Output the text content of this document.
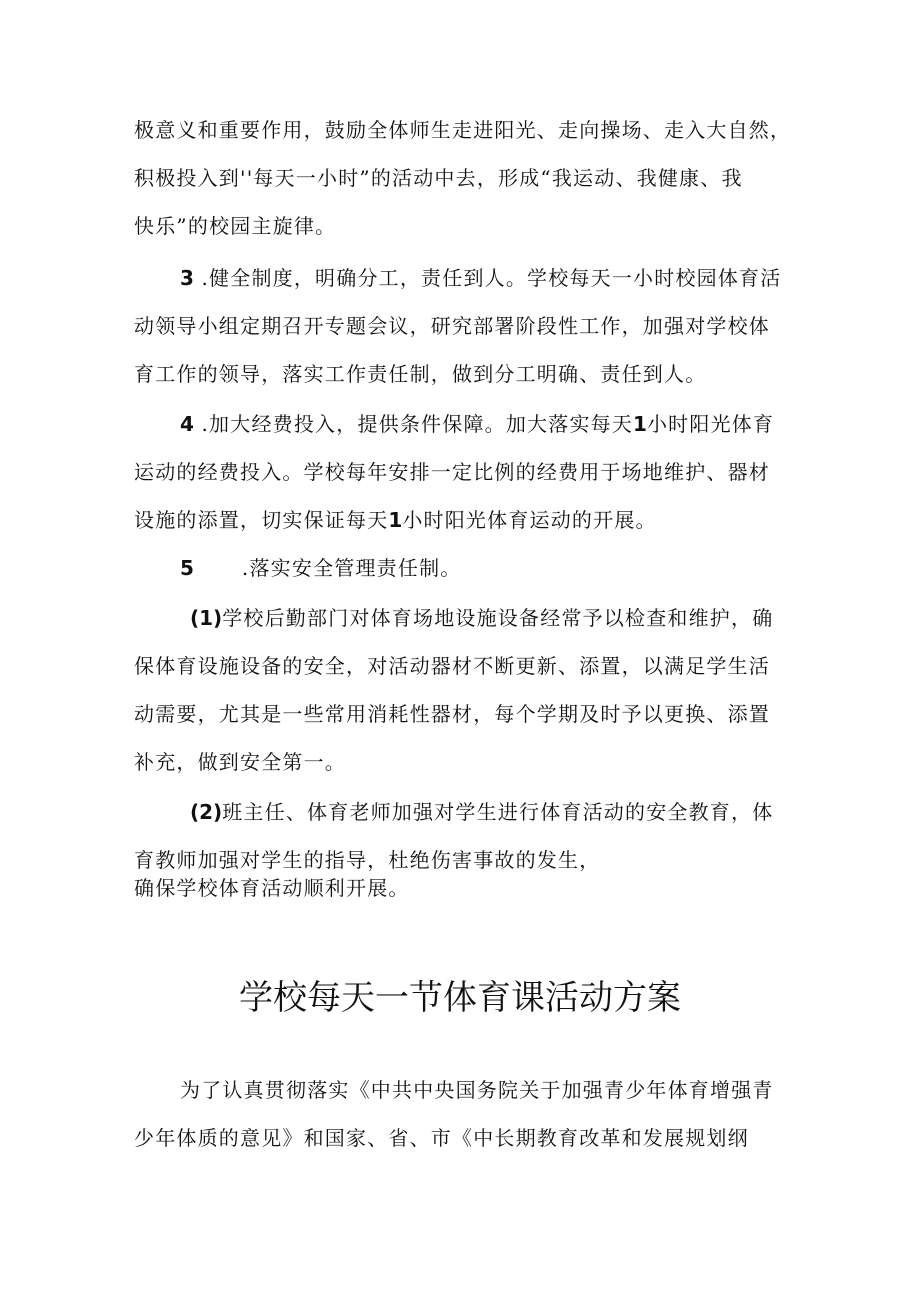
极意义和重要作用，鼓励全体师生走进阳光、走向操场、走入大自然，
积极投入到''每天一小时”的活动中去，形成“我运动、我健康、我
快乐”的校园主旋律。

3 .健全制度，明确分工，责任到人。学校每天一小时校园体育活
动领导小组定期召开专题会议，研究部署阶段性工作，加强对学校体
育工作的领导，落实工作责任制，做到分工明确、责任到人。

4 .加大经费投入，提供条件保障。加大落实每天1小时阳光体育
运动的经费投入。学校每年安排一定比例的经费用于场地维护、器材
设施的添置，切实保证每天1小时阳光体育运动的开展。

5 .落实安全管理责任制。

(1)学校后勤部门对体育场地设施设备经常予以检查和维护，确
保体育设施设备的安全，对活动器材不断更新、添置，以满足学生活
动需要，尤其是一些常用消耗性器材，每个学期及时予以更换、添置
补充，做到安全第一。

(2)班主任、体育老师加强对学生进行体育活动的安全教育，体
育教师加强对学生的指导，杜绝伤害事故的发生，
确保学校体育活动顺利开展。

学校每天一节体育课活动方案

为了认真贯彻落实《中共中央国务院关于加强青少年体育增强青
少年体质的意见》和国家、省、市《中长期教育改革和发展规划纲
